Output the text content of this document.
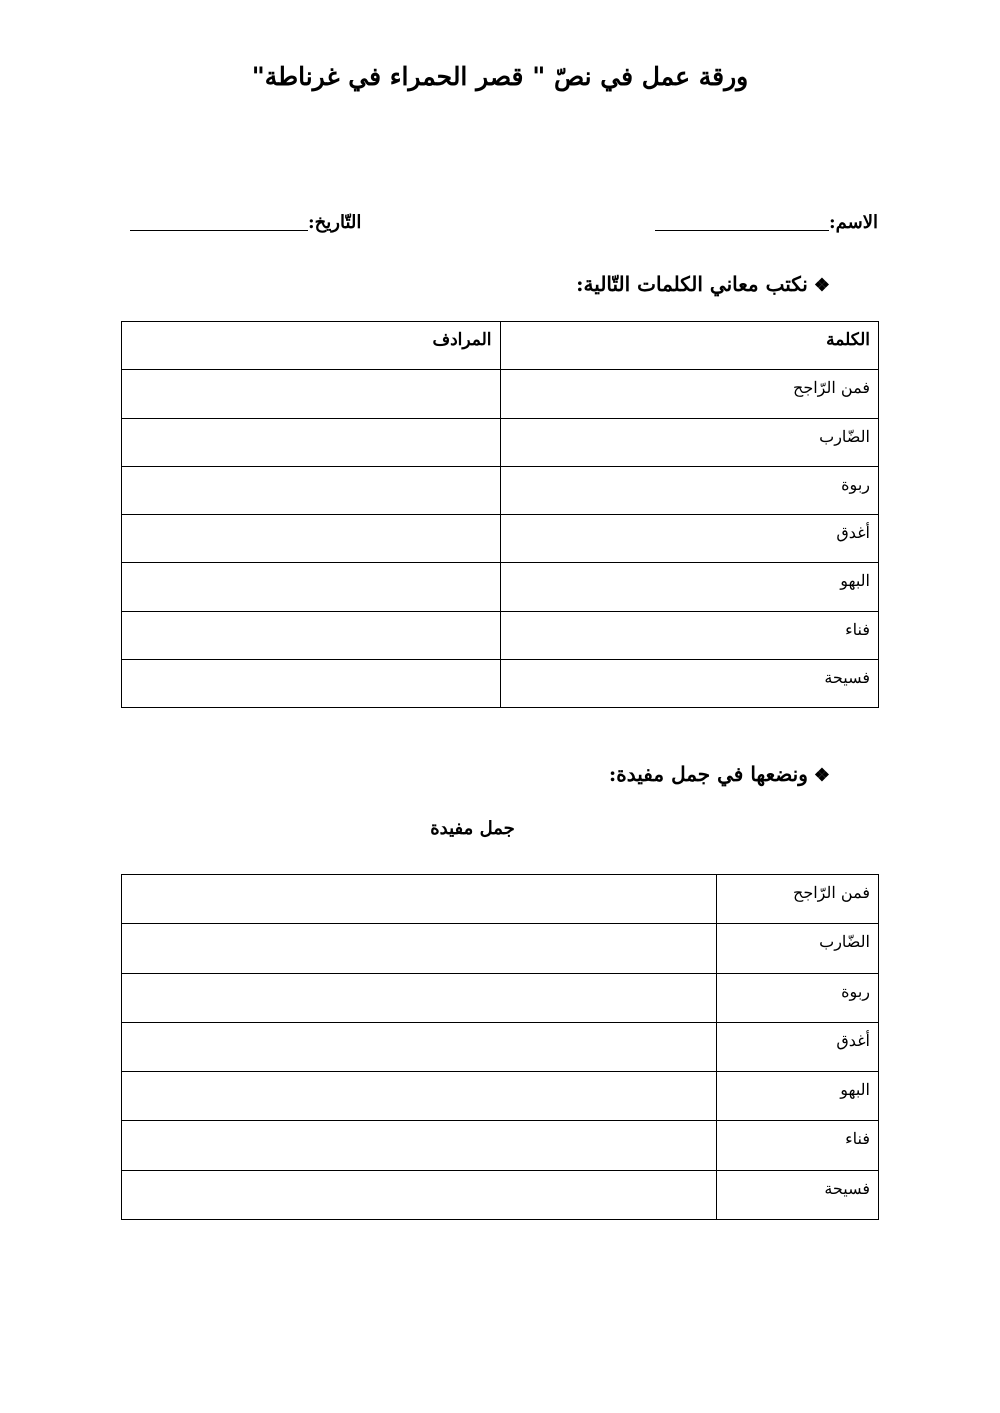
ورقة عمل في نصّ " قصر الحمراء في غرناطة"
الاسم:
التّاريخ:
❖نكتب معاني الكلمات التّالية:
الكلمة	المرادف
فمن الرّاجح	
الضّارب	
ربوة	
أغدق	
البهو	
فناء	
فسيحة	
❖ونضعها في جمل مفيدة:
جمل مفيدة
فمن الرّاجح	
الضّارب	
ربوة	
أغدق	
البهو	
فناء	
فسيحة	
